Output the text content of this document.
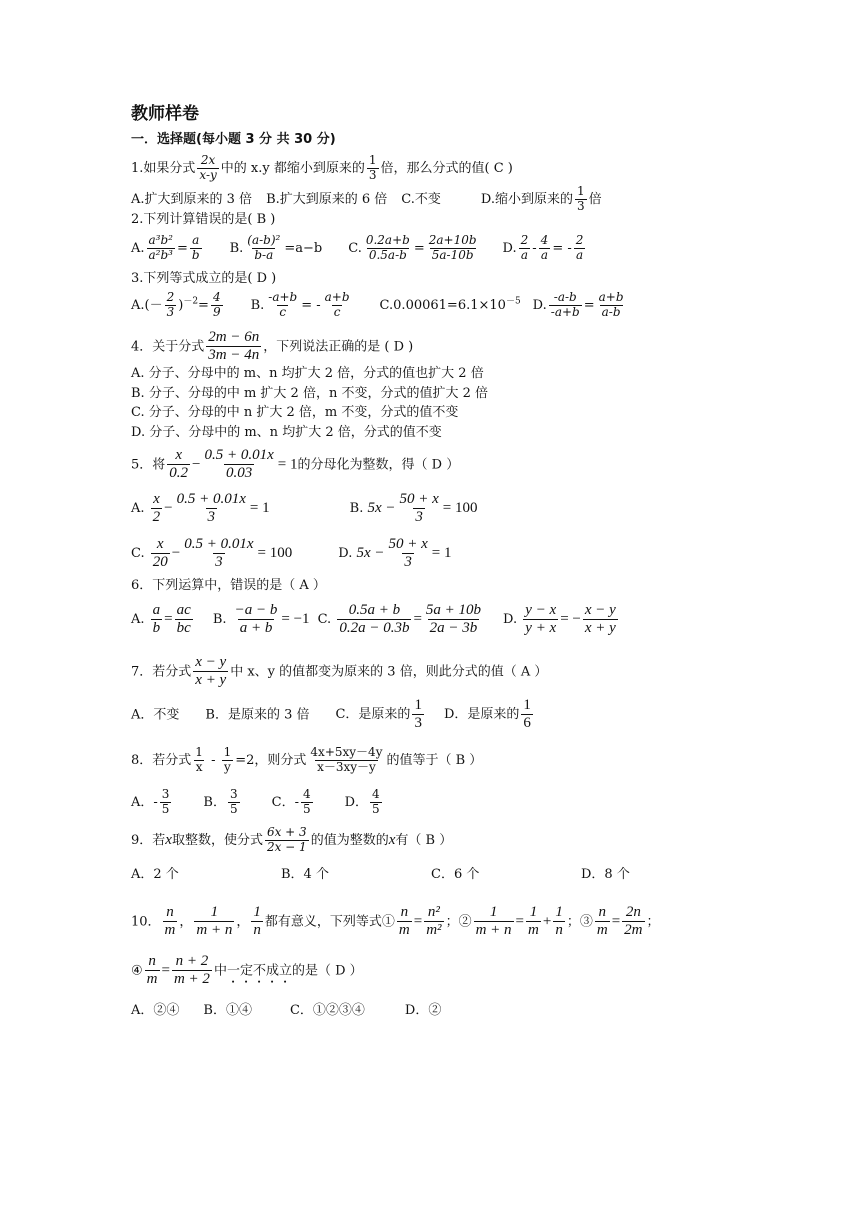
教师样卷
一．选择题(每小题 3 分 共 30 分)
1.如果分式 $\frac{2x}{x-y}$ 中的 x.y 都缩小到原来的 $\frac{1}{3}$ 倍，那么分式的值( C )
A.扩大到原来的 3 倍 B.扩大到原来的 6 倍 C.不变	D.缩小到原来的 $\frac{1}{3}$ 倍
2.下列计算错误的是( B )
A. $\frac{\text{a³b²}}{\text{a²b³}} = \frac{a}{b} B$. $\frac{\text{(a-b)²}}{b-a} =a-b$ C. $\frac{0.2a+b}{0.5a-b} = \frac{2a+10b}{5a-10b} D$. $\frac{2}{a} - \frac{4}{a}$ = - $\frac{2}{a}$
3.下列等式成立的是( D )
$A.(- \frac{2}{3} )^{-2}= \frac{4}{9} B$. $\frac{-a+b}{c}$ = - $\frac{a+b}{c} C.0.00061=6.1\times 10^{-5}$ D. $\frac{-a-b}{-a+b} = \frac{a+b}{a-b}$
4．关于分式 $\frac{2m - 6n}{3m - 4n}$ ，下列说法正确的是 ( D )
A. 分子、分母中的 m、n 均扩大 2 倍，分式的值也扩大 2 倍
B. 分子、分母的中 m 扩大 2 倍，n 不变，分式的值扩大 2 倍
C. 分子、分母的中 n 扩大 2 倍，m 不变，分式的值不变
D. 分子、分母中的 m、n 均扩大 2 倍，分式的值不变
5．将 $\frac{x}{0.2} - \frac{0.5 + 0.01x}{0.03} = 1$的分母化为整数，得（ D ）
A. $\frac{x}{2} - \frac{0.5 + 0.01x}{3} = 1$	B. $5x - \frac{50 + x}{3} = 100$
C. $\frac{x}{20} - \frac{0.5 + 0.01x}{3} = 100$	D. $5x - \frac{50 + x}{3} = 1$
6．下列运算中，错误的是（ A ）
A. $\frac{a}{b} = \frac{ac}{bc} B$. $\frac{-a - b}{a + b} = -1$ C. $\frac{0.5a + b}{0.2a - 0.3b} = \frac{5a + 10b}{2a - 3b} D$. $\frac{y - x}{y + x}$ = − $\frac{x - y}{x + y}$
7．若分式 $\frac{x - y}{x + y}$ 中 x、y 的值都变为原来的 3 倍，则此分式的值（ A ）
A．不变 B．是原来的 3 倍 C．是原来的 $\frac{1}{3}$ D．是原来的 $\frac{1}{6}$
8．若分式 $\frac{1}{x} - \frac{1}{y} =2$，则分式 $\frac{4x+5xy-4y}{x-3xy-y}$ 的值等于（ B ）
A．- $\frac{3}{5}$ B． $\frac{3}{5}$ C．- $\frac{4}{5}$ D． $\frac{4}{5}$
9．若x取整数，使分式 $\frac{6x + 3}{2x - 1}$ 的值为整数的x有（ B ）
A．2 个	B．4 个	C．6 个	D．8 个
10． $\frac{n}{m}$ ， $\frac{1}{m + n}$ ， $\frac{1}{n}$ 都有意义，下列等式① $\frac{n}{m} = \frac{\text{n²}}{\text{m²}}$ ；② $\frac{1}{m + n} = \frac{1}{m} + \frac{1}{n}$ ；③ $\frac{n}{m} = \frac{2n}{2m}$ ；
④ $\frac{n}{m} = \frac{n + 2}{m + 2}$ 中一定不成立的是（ D ）
A．②④ B．①④	C．①②③④	D．②
